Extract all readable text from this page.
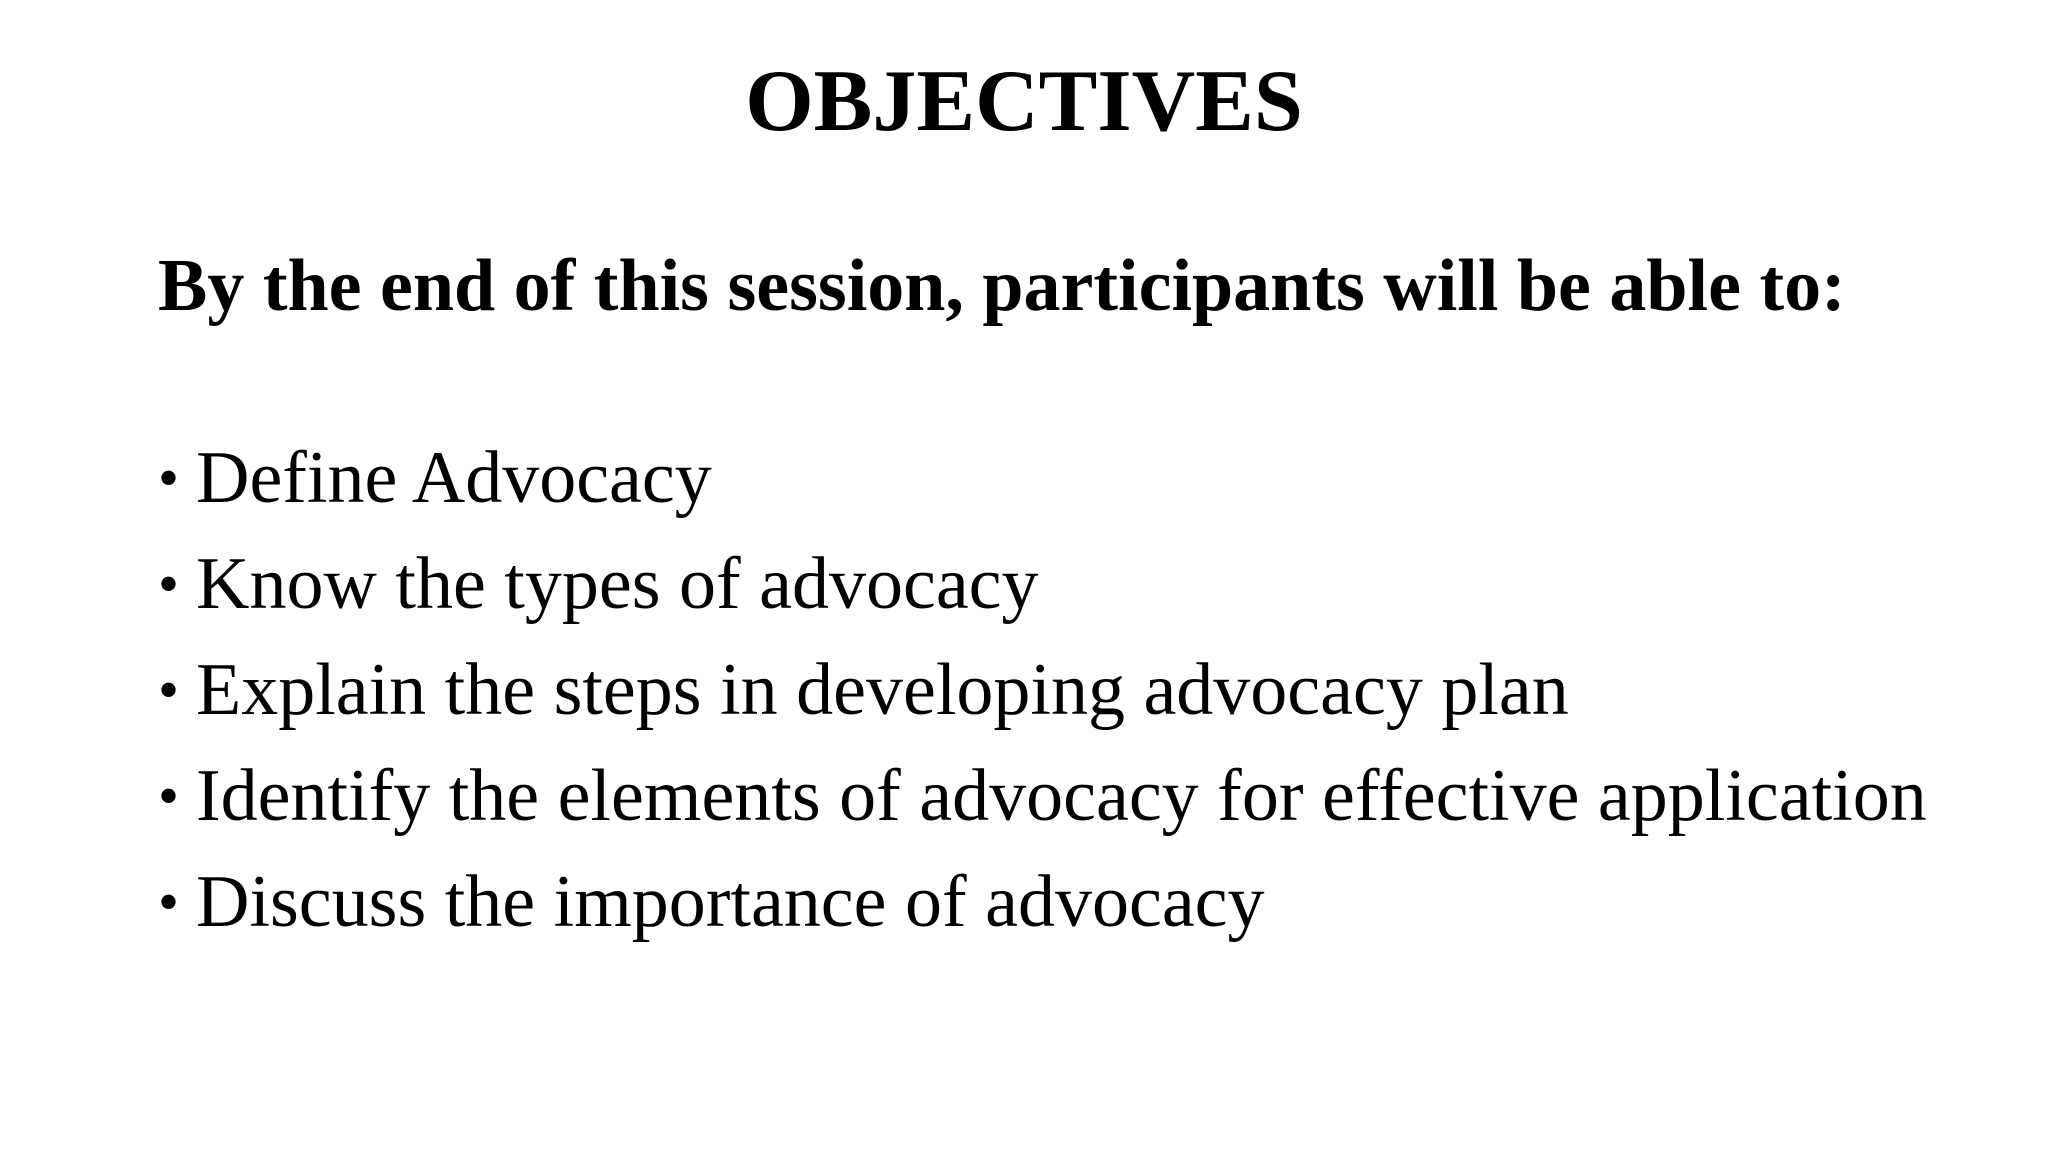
OBJECTIVES

By the end of this session, participants will be able to:

• Define Advocacy
• Know the types of advocacy
• Explain the steps in developing advocacy plan
• Identify the elements of advocacy for effective application
• Discuss the importance of advocacy
